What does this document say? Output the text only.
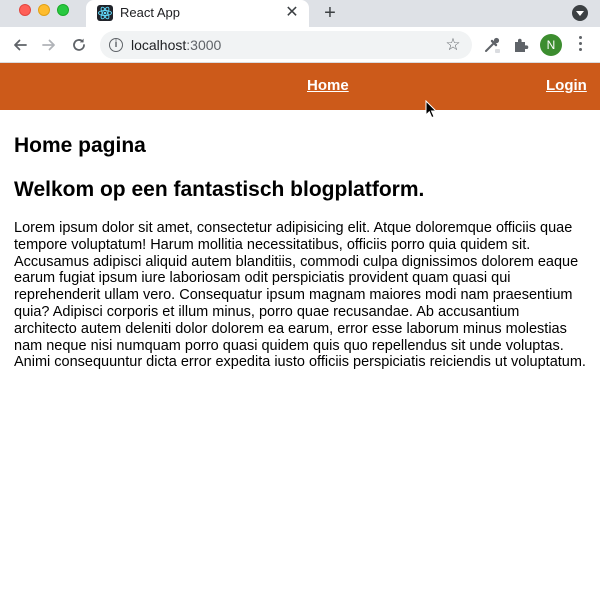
React App	✕ +
i localhost:3000	☆	N
Home	Login
Home pagina
Welkom op een fantastisch blogplatform.

Lorem ipsum dolor sit amet, consectetur adipisicing elit. Atque doloremque officiis quae tempore voluptatum! Harum mollitia necessitatibus, officiis porro quia quidem sit. Accusamus adipisci aliquid autem blanditiis, commodi culpa dignissimos dolorem eaque earum fugiat ipsum iure laboriosam odit perspiciatis provident quam quasi qui reprehenderit ullam vero. Consequatur ipsum magnam maiores modi nam praesentium quia? Adipisci corporis et illum minus, porro quae recusandae. Ab accusantium architecto autem deleniti dolor dolorem ea earum, error esse laborum minus molestias nam neque nisi numquam porro quasi quidem quis quo repellendus sit unde voluptas. Animi consequuntur dicta error expedita iusto officiis perspiciatis reiciendis ut voluptatum.
